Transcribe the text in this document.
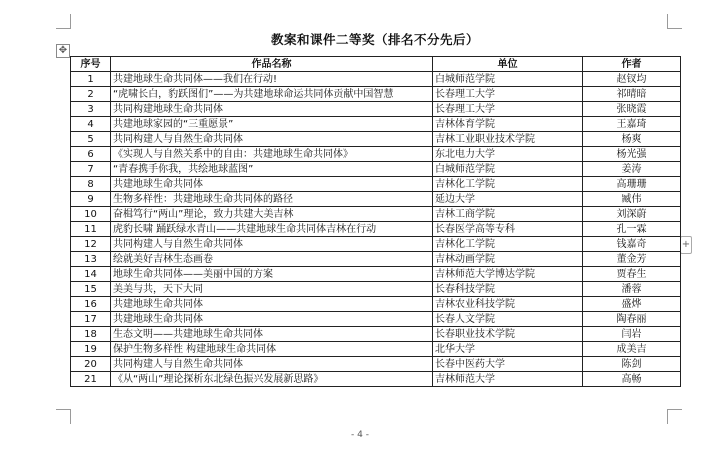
✥
+
教案和课件二等奖（排名不分先后）
序号	作品名称	单位	作者
1	共建地球生命共同体——我们在行动!	白城师范学院	赵钗均
2	“虎啸长白，豹跃图们”——为共建地球命运共同体贡献中国智慧	长春理工大学	祁晴暗
3	共同构建地球生命共同体	长春理工大学	张晓霞
4	共建地球家园的“三重愿景”	吉林体育学院	王嘉琦
5	共同构建人与自然生命共同体	吉林工业职业技术学院	杨爽
6	《实现人与自然关系中的自由：共建地球生命共同体》	东北电力大学	杨光强
7	“青春携手你我，共绘地球蓝图”	白城师范学院	姜涛
8	共建地球生命共同体	吉林化工学院	高珊珊
9	生物多样性：共建地球生命共同体的路径	延边大学	臧伟
10	奋楫笃行“两山”理论，致力共建大美吉林	吉林工商学院	刘深蔚
11	虎豹长啸 踊跃绿水青山——共建地球生命共同体吉林在行动	长春医学高等专科	孔一霖
12	共同构建人与自然生命共同体	吉林化工学院	钱嘉奇
13	绘就美好吉林生态画卷	吉林动画学院	董金芳
14	地球生命共同体——美丽中国的方案	吉林师范大学博达学院	贾春生
15	美美与共，天下大同	长春科技学院	潘蓉
16	共建地球生命共同体	吉林农业科技学院	盛烨
17	共建地球生命共同体	长春人文学院	陶春丽
18	生态文明——共建地球生命共同体	长春职业技术学院	闫岩
19	保护生物多样性 构建地球生命共同体	北华大学	成美吉
20	共同构建人与自然生命共同体	长春中医药大学	陈剑
21	《从“两山”理论探析东北绿色振兴发展新思路》	吉林师范大学	高畅
- 4 -
